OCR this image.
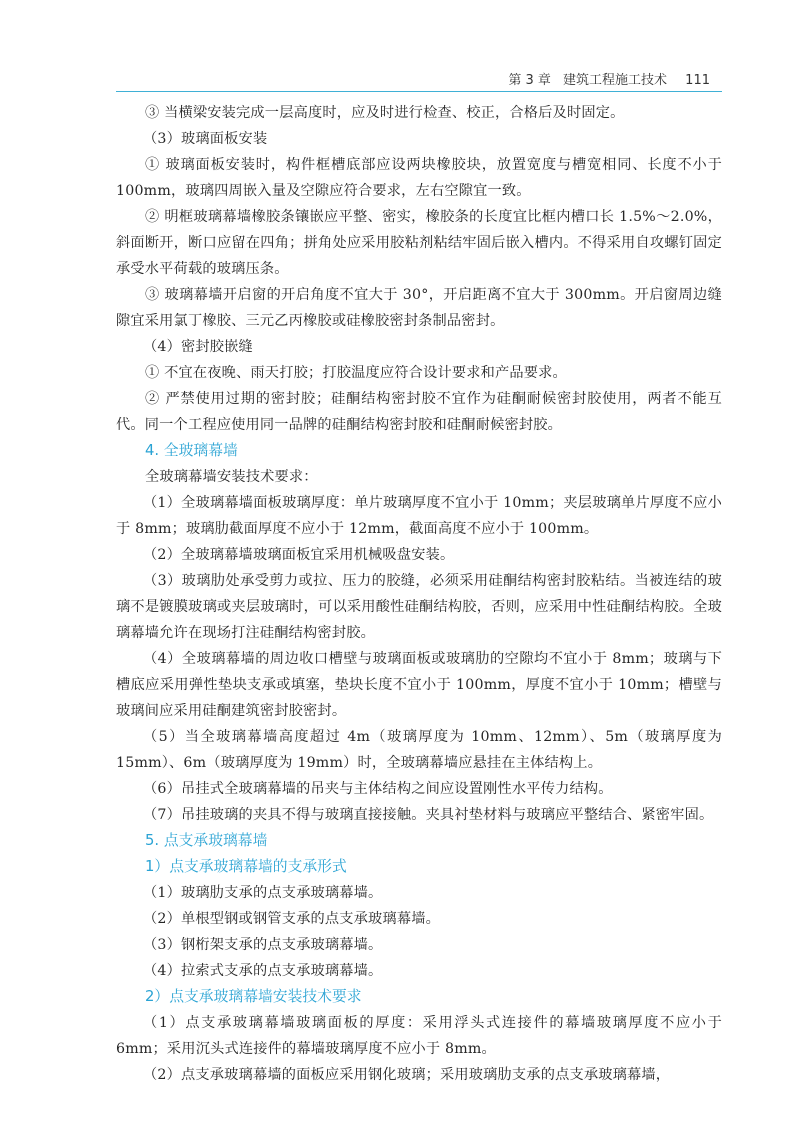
第 3 章 建筑工程施工技术 111

③ 当横梁安装完成一层高度时，应及时进行检查、校正，合格后及时固定。

（3）玻璃面板安装

① 玻璃面板安装时，构件框槽底部应设两块橡胶块，放置宽度与槽宽相同、长度不小于 100mm，玻璃四周嵌入量及空隙应符合要求，左右空隙宜一致。

② 明框玻璃幕墙橡胶条镶嵌应平整、密实，橡胶条的长度宜比框内槽口长 1.5%～2.0%，斜面断开，断口应留在四角；拼角处应采用胶粘剂粘结牢固后嵌入槽内。不得采用自攻螺钉固定承受水平荷载的玻璃压条。

③ 玻璃幕墙开启窗的开启角度不宜大于 30°，开启距离不宜大于 300mm。开启窗周边缝隙宜采用氯丁橡胶、三元乙丙橡胶或硅橡胶密封条制品密封。

（4）密封胶嵌缝

① 不宜在夜晚、雨天打胶；打胶温度应符合设计要求和产品要求。

② 严禁使用过期的密封胶；硅酮结构密封胶不宜作为硅酮耐候密封胶使用，两者不能互代。同一个工程应使用同一品牌的硅酮结构密封胶和硅酮耐候密封胶。

4. 全玻璃幕墙

全玻璃幕墙安装技术要求：

（1）全玻璃幕墙面板玻璃厚度：单片玻璃厚度不宜小于 10mm；夹层玻璃单片厚度不应小于 8mm；玻璃肋截面厚度不应小于 12mm，截面高度不应小于 100mm。

（2）全玻璃幕墙玻璃面板宜采用机械吸盘安装。

（3）玻璃肋处承受剪力或拉、压力的胶缝，必须采用硅酮结构密封胶粘结。当被连结的玻璃不是镀膜玻璃或夹层玻璃时，可以采用酸性硅酮结构胶，否则，应采用中性硅酮结构胶。全玻璃幕墙允许在现场打注硅酮结构密封胶。

（4）全玻璃幕墙的周边收口槽壁与玻璃面板或玻璃肋的空隙均不宜小于 8mm；玻璃与下槽底应采用弹性垫块支承或填塞，垫块长度不宜小于 100mm，厚度不宜小于 10mm；槽壁与玻璃间应采用硅酮建筑密封胶密封。

（5）当全玻璃幕墙高度超过 4m（玻璃厚度为 10mm、12mm）、5m（玻璃厚度为 15mm）、6m（玻璃厚度为 19mm）时，全玻璃幕墙应悬挂在主体结构上。

（6）吊挂式全玻璃幕墙的吊夹与主体结构之间应设置刚性水平传力结构。

（7）吊挂玻璃的夹具不得与玻璃直接接触。夹具衬垫材料与玻璃应平整结合、紧密牢固。

5. 点支承玻璃幕墙
1）点支承玻璃幕墙的支承形式

（1）玻璃肋支承的点支承玻璃幕墙。

（2）单根型钢或钢管支承的点支承玻璃幕墙。

（3）钢桁架支承的点支承玻璃幕墙。

（4）拉索式支承的点支承玻璃幕墙。

2）点支承玻璃幕墙安装技术要求

（1）点支承玻璃幕墙玻璃面板的厚度：采用浮头式连接件的幕墙玻璃厚度不应小于 6mm；采用沉头式连接件的幕墙玻璃厚度不应小于 8mm。

（2）点支承玻璃幕墙的面板应采用钢化玻璃；采用玻璃肋支承的点支承玻璃幕墙，
